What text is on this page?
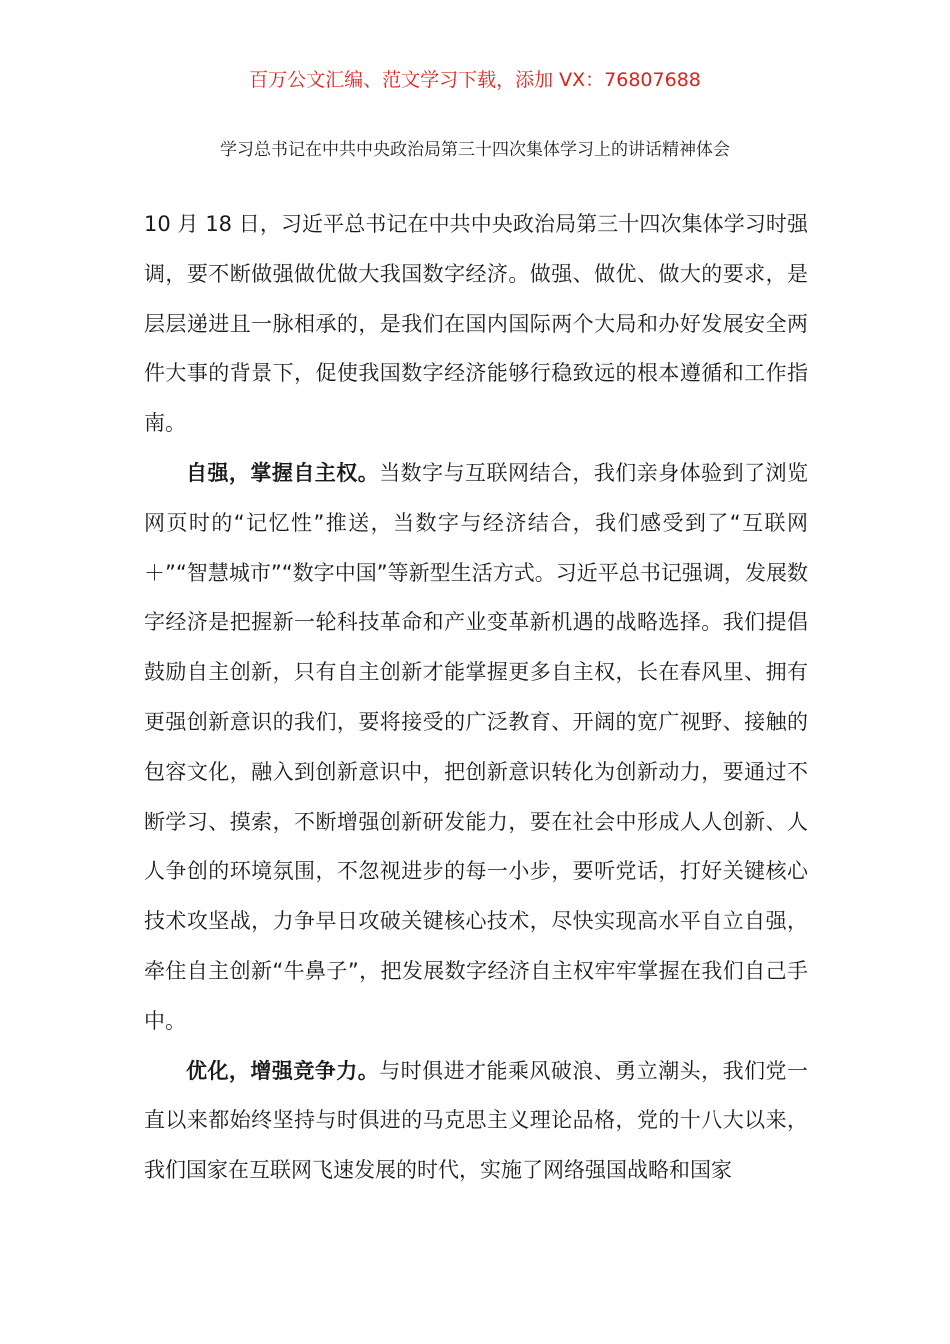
百万公文汇编、范文学习下载，添加 VX：76807688
学习总书记在中共中央政治局第三十四次集体学习上的讲话精神体会

10 月 18 日，习近平总书记在中共中央政治局第三十四次集体学习时强调，要不断做强做优做大我国数字经济。做强、做优、做大的要求，是层层递进且一脉相承的，是我们在国内国际两个大局和办好发展安全两件大事的背景下，促使我国数字经济能够行稳致远的根本遵循和工作指南。

自强，掌握自主权。当数字与互联网结合，我们亲身体验到了浏览网页时的“记忆性”推送，当数字与经济结合，我们感受到了“互联网＋”“智慧城市”“数字中国”等新型生活方式。习近平总书记强调，发展数字经济是把握新一轮科技革命和产业变革新机遇的战略选择。我们提倡鼓励自主创新，只有自主创新才能掌握更多自主权，长在春风里、拥有更强创新意识的我们，要将接受的广泛教育、开阔的宽广视野、接触的包容文化，融入到创新意识中，把创新意识转化为创新动力，要通过不断学习、摸索，不断增强创新研发能力，要在社会中形成人人创新、人人争创的环境氛围，不忽视进步的每一小步，要听党话，打好关键核心技术攻坚战，力争早日攻破关键核心技术，尽快实现高水平自立自强，牵住自主创新“牛鼻子”，把发展数字经济自主权牢牢掌握在我们自己手中。

优化，增强竞争力。与时俱进才能乘风破浪、勇立潮头，我们党一直以来都始终坚持与时俱进的马克思主义理论品格，党的十八大以来，我们国家在互联网飞速发展的时代，实施了网络强国战略和国家
